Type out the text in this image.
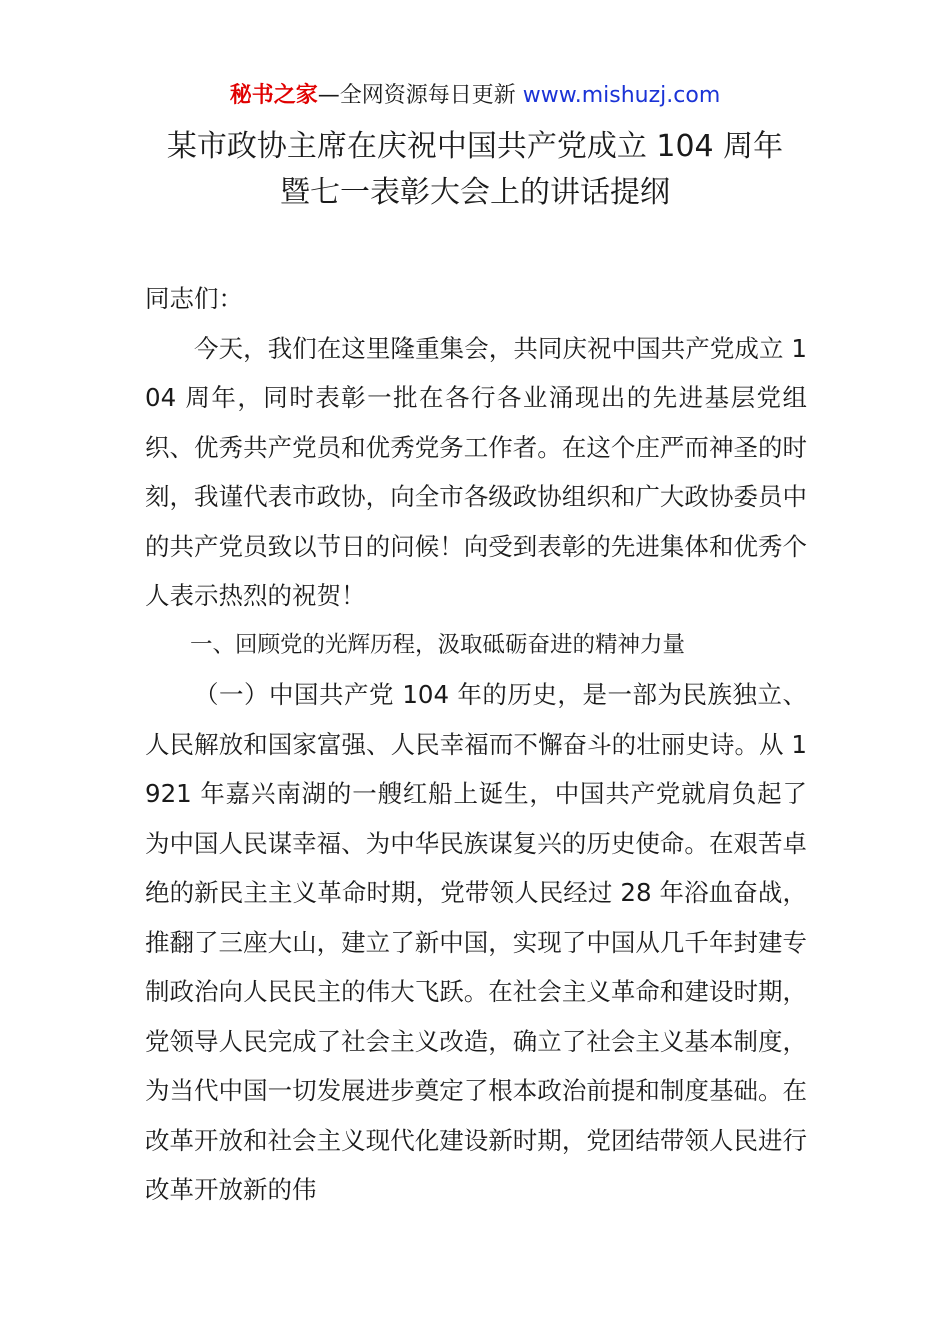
秘书之家—全网资源每日更新 www.mishuzj.com
某市政协主席在庆祝中国共产党成立 104 周年
暨七一表彰大会上的讲话提纲

同志们：

今天，我们在这里隆重集会，共同庆祝中国共产党成立 104 周年，同时表彰一批在各行各业涌现出的先进基层党组织、优秀共产党员和优秀党务工作者。在这个庄严而神圣的时刻，我谨代表市政协，向全市各级政协组织和广大政协委员中的共产党员致以节日的问候！向受到表彰的先进集体和优秀个人表示热烈的祝贺！

一、回顾党的光辉历程，汲取砥砺奋进的精神力量

（一）中国共产党 104 年的历史，是一部为民族独立、人民解放和国家富强、人民幸福而不懈奋斗的壮丽史诗。从 1921 年嘉兴南湖的一艘红船上诞生，中国共产党就肩负起了为中国人民谋幸福、为中华民族谋复兴的历史使命。在艰苦卓绝的新民主主义革命时期，党带领人民经过 28 年浴血奋战，推翻了三座大山，建立了新中国，实现了中国从几千年封建专制政治向人民民主的伟大飞跃。在社会主义革命和建设时期，党领导人民完成了社会主义改造，确立了社会主义基本制度，为当代中国一切发展进步奠定了根本政治前提和制度基础。在改革开放和社会主义现代化建设新时期，党团结带领人民进行改革开放新的伟
